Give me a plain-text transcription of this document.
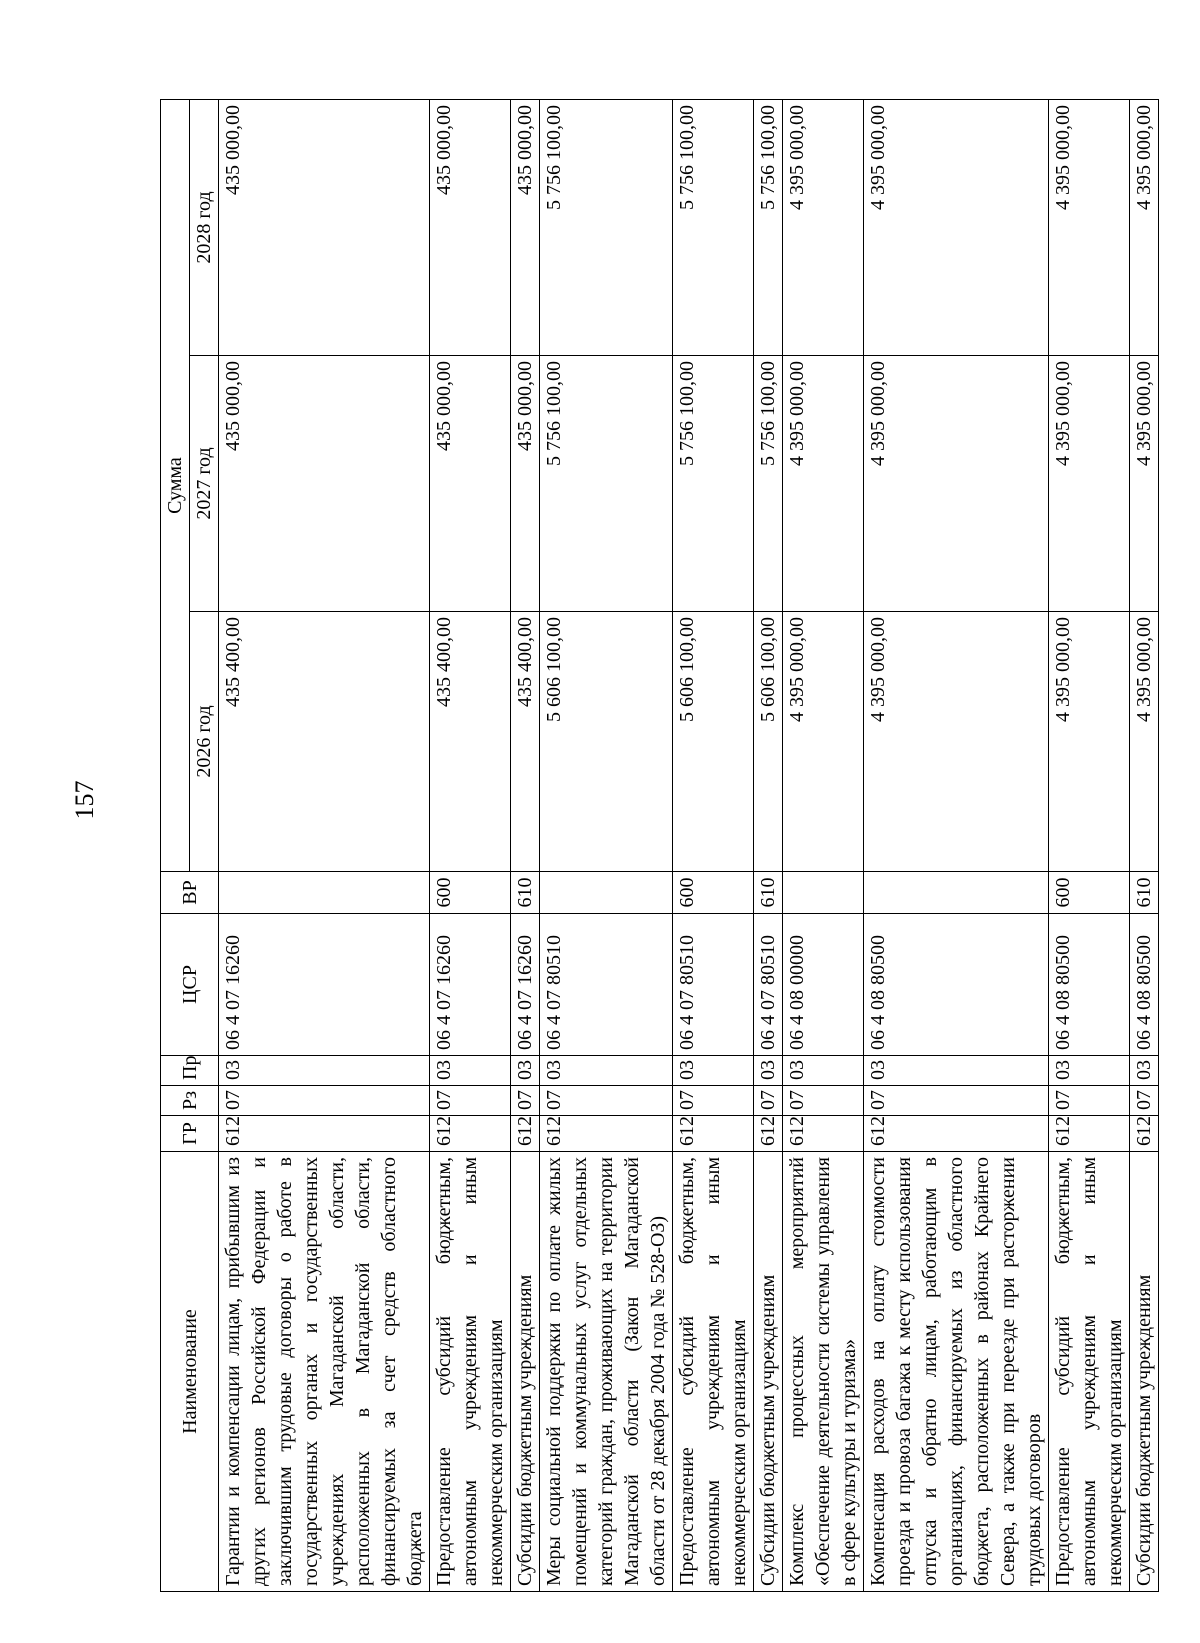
157
Наименование	ГР	Рз	Пр	ЦСР	ВР	Сумма		
						2026 год	2027 год	2028 год
Гарантии и компенсации лицам, прибывшим из других регионов Российской Федерации и заключившим трудовые договоры о работе в государственных органах и государственных учреждениях Магаданской области, расположенных в Магаданской области, финансируемых за счет средств областного бюджета	612	07	03	06 4 07 16260		435 400,00	435 000,00	435 000,00
Предоставление субсидий бюджетным, автономным учреждениям и иным некоммерческим организациям	612	07	03	06 4 07 16260	600	435 400,00	435 000,00	435 000,00
Субсидии бюджетным учреждениям	612	07	03	06 4 07 16260	610	435 400,00	435 000,00	435 000,00
Меры социальной поддержки по оплате жилых помещений и коммунальных услуг отдельных категорий граждан, проживающих на территории Магаданской области (Закон Магаданской области от 28 декабря 2004 года № 528-ОЗ)	612	07	03	06 4 07 80510		5 606 100,00	5 756 100,00	5 756 100,00
Предоставление субсидий бюджетным, автономным учреждениям и иным некоммерческим организациям	612	07	03	06 4 07 80510	600	5 606 100,00	5 756 100,00	5 756 100,00
Субсидии бюджетным учреждениям	612	07	03	06 4 07 80510	610	5 606 100,00	5 756 100,00	5 756 100,00
Комплекс процессных мероприятий «Обеспечение деятельности системы управления в сфере культуры и туризма»	612	07	03	06 4 08 00000		4 395 000,00	4 395 000,00	4 395 000,00
Компенсация расходов на оплату стоимости проезда и провоза багажа к месту использования отпуска и обратно лицам, работающим в организациях, финансируемых из областного бюджета, расположенных в районах Крайнего Севера, а также при переезде при расторжении трудовых договоров	612	07	03	06 4 08 80500		4 395 000,00	4 395 000,00	4 395 000,00
Предоставление субсидий бюджетным, автономным учреждениям и иным некоммерческим организациям	612	07	03	06 4 08 80500	600	4 395 000,00	4 395 000,00	4 395 000,00
Субсидии бюджетным учреждениям	612	07	03	06 4 08 80500	610	4 395 000,00	4 395 000,00	4 395 000,00
